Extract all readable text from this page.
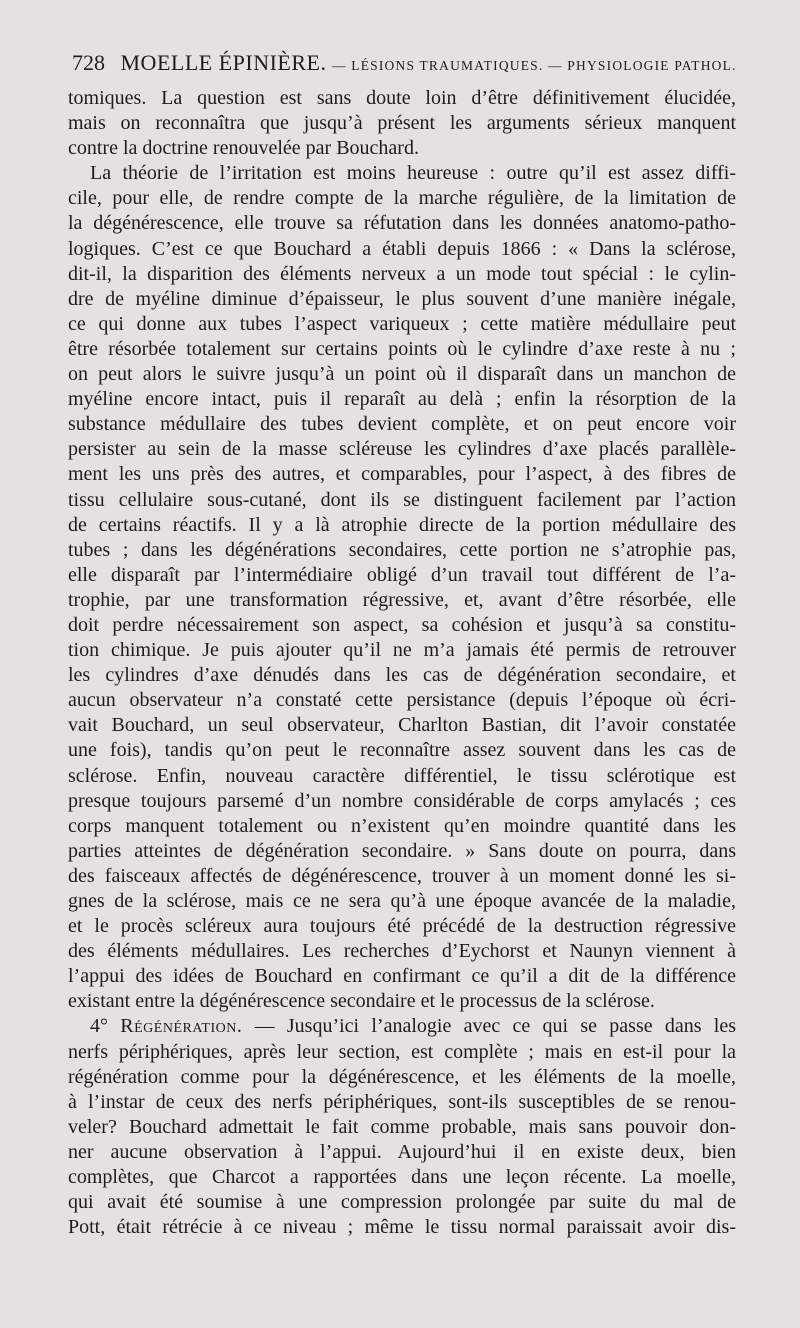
728 MOELLE ÉPINIÈRE. — LÉSIONS TRAUMATIQUES. — PHYSIOLOGIE PATHOL.
tomiques. La question est sans doute loin d’être définitivement élucidée,
mais on reconnaîtra que jusqu’à présent les arguments sérieux manquent
contre la doctrine renouvelée par Bouchard.
La théorie de l’irritation est moins heureuse : outre qu’il est assez diffi-
cile, pour elle, de rendre compte de la marche régulière, de la limitation de
la dégénérescence, elle trouve sa réfutation dans les données anatomo-patho-
logiques. C’est ce que Bouchard a établi depuis 1866 : « Dans la sclérose,
dit-il, la disparition des éléments nerveux a un mode tout spécial : le cylin-
dre de myéline diminue d’épaisseur, le plus souvent d’une manière inégale,
ce qui donne aux tubes l’aspect variqueux ; cette matière médullaire peut
être résorbée totalement sur certains points où le cylindre d’axe reste à nu ;
on peut alors le suivre jusqu’à un point où il disparaît dans un manchon de
myéline encore intact, puis il reparaît au delà ; enfin la résorption de la
substance médullaire des tubes devient complète, et on peut encore voir
persister au sein de la masse scléreuse les cylindres d’axe placés parallèle-
ment les uns près des autres, et comparables, pour l’aspect, à des fibres de
tissu cellulaire sous-cutané, dont ils se distinguent facilement par l’action
de certains réactifs. Il y a là atrophie directe de la portion médullaire des
tubes ; dans les dégénérations secondaires, cette portion ne s’atrophie pas,
elle disparaît par l’intermédiaire obligé d’un travail tout différent de l’a-
trophie, par une transformation régressive, et, avant d’être résorbée, elle
doit perdre nécessairement son aspect, sa cohésion et jusqu’à sa constitu-
tion chimique. Je puis ajouter qu’il ne m’a jamais été permis de retrouver
les cylindres d’axe dénudés dans les cas de dégénération secondaire, et
aucun observateur n’a constaté cette persistance (depuis l’époque où écri-
vait Bouchard, un seul observateur, Charlton Bastian, dit l’avoir constatée
une fois), tandis qu’on peut le reconnaître assez souvent dans les cas de
sclérose. Enfin, nouveau caractère différentiel, le tissu sclérotique est
presque toujours parsemé d’un nombre considérable de corps amylacés ; ces
corps manquent totalement ou n’existent qu’en moindre quantité dans les
parties atteintes de dégénération secondaire. » Sans doute on pourra, dans
des faisceaux affectés de dégénérescence, trouver à un moment donné les si-
gnes de la sclérose, mais ce ne sera qu’à une époque avancée de la maladie,
et le procès scléreux aura toujours été précédé de la destruction régressive
des éléments médullaires. Les recherches d’Eychorst et Naunyn viennent à
l’appui des idées de Bouchard en confirmant ce qu’il a dit de la différence
existant entre la dégénérescence secondaire et le processus de la sclérose.
4° Régénération. — Jusqu’ici l’analogie avec ce qui se passe dans les
nerfs périphériques, après leur section, est complète ; mais en est-il pour la
régénération comme pour la dégénérescence, et les éléments de la moelle,
à l’instar de ceux des nerfs périphériques, sont-ils susceptibles de se renou-
veler? Bouchard admettait le fait comme probable, mais sans pouvoir don-
ner aucune observation à l’appui. Aujourd’hui il en existe deux, bien
complètes, que Charcot a rapportées dans une leçon récente. La moelle,
qui avait été soumise à une compression prolongée par suite du mal de
Pott, était rétrécie à ce niveau ; même le tissu normal paraissait avoir dis-
